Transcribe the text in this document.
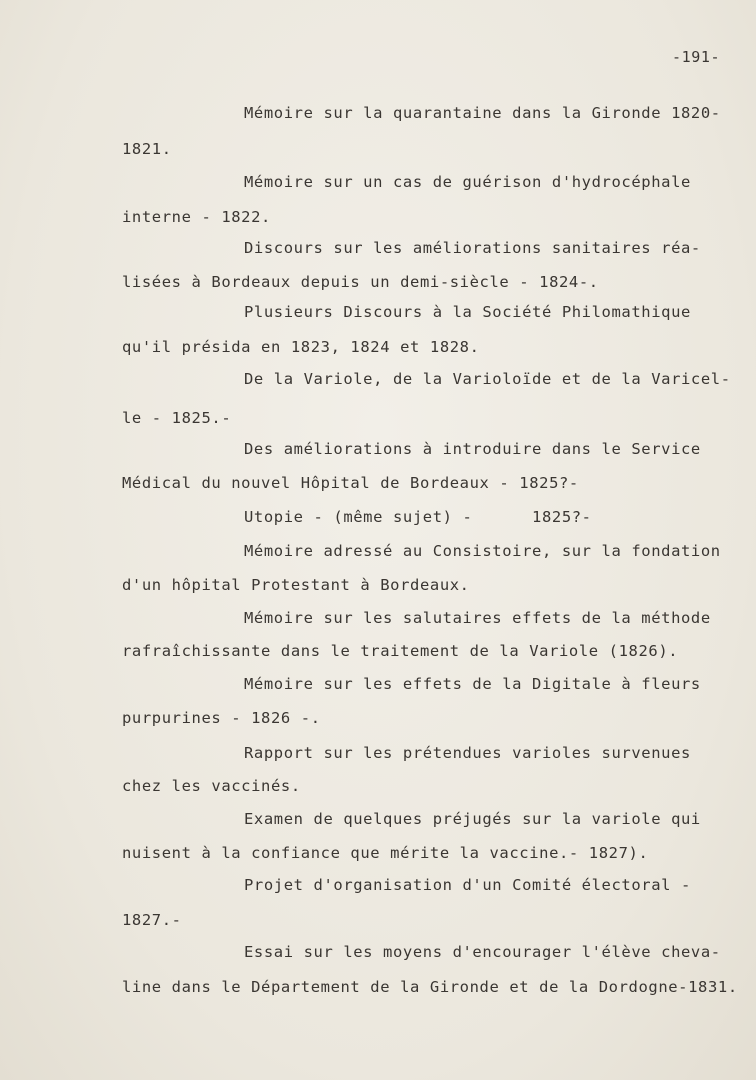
-191-
Mémoire sur la quarantaine dans la Gironde 1820-
1821.
Mémoire sur un cas de guérison d'hydrocéphale
interne - 1822.
Discours sur les améliorations sanitaires réa-
lisées à Bordeaux depuis un demi-siècle - 1824-.
Plusieurs Discours à la Société Philomathique
qu'il présida en 1823, 1824 et 1828.
De la Variole, de la Varioloïde et de la Varicel-
le - 1825.-
Des améliorations à introduire dans le Service
Médical du nouvel Hôpital de Bordeaux - 1825?-
Utopie - (même sujet) -      1825?-
Mémoire adressé au Consistoire, sur la fondation
d'un hôpital Protestant à Bordeaux.
Mémoire sur les salutaires effets de la méthode
rafraîchissante dans le traitement de la Variole (1826).
Mémoire sur les effets de la Digitale à fleurs
purpurines - 1826 -.
Rapport sur les prétendues varioles survenues
chez les vaccinés.
Examen de quelques préjugés sur la variole qui
nuisent à la confiance que mérite la vaccine.- 1827).
Projet d'organisation d'un Comité électoral -
1827.-
Essai sur les moyens d'encourager l'élève cheva-
line dans le Département de la Gironde et de la Dordogne-1831.
